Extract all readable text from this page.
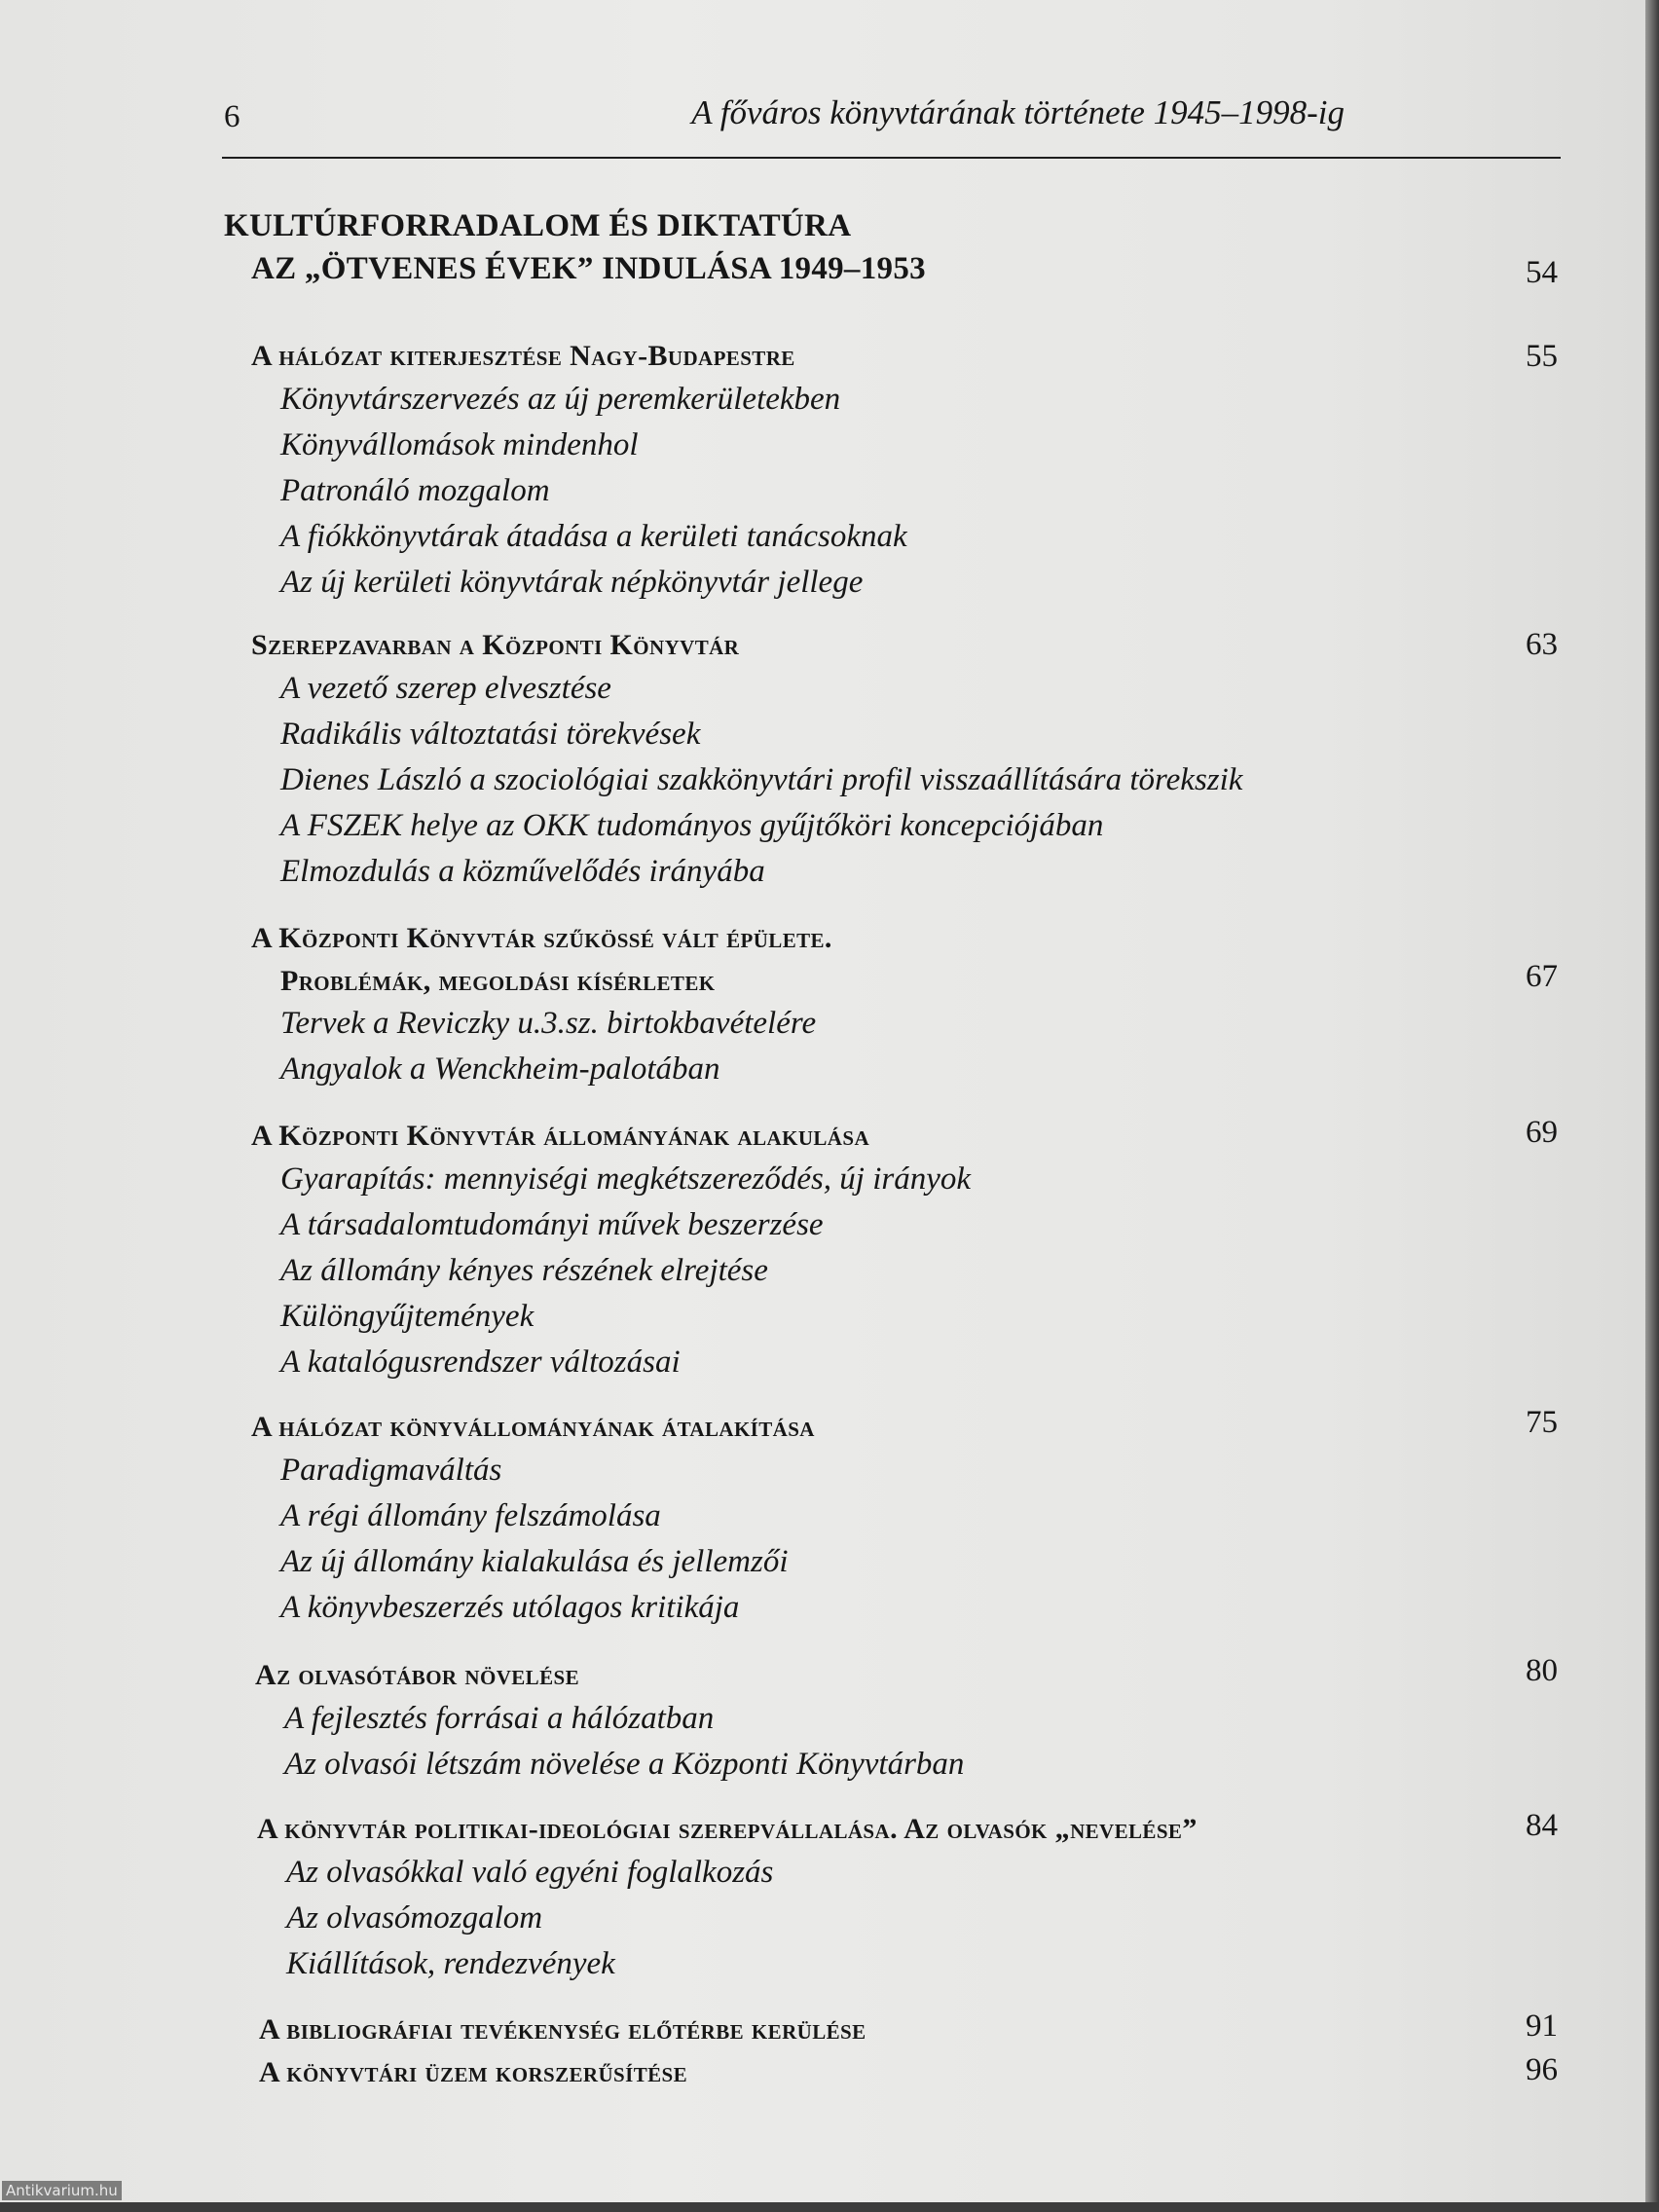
6	A főváros könyvtárának története 1945–1998-ig
KULTÚRFORRADALOM ÉS DIKTATÚRA
AZ „ÖTVENES ÉVEK” INDULÁSA 1949–1953	54
A hálózat kiterjesztése Nagy-Budapestre	55
Könyvtárszervezés az új peremkerületekben
Könyvállomások mindenhol
Patronáló mozgalom
A fiókkönyvtárak átadása a kerületi tanácsoknak
Az új kerületi könyvtárak népkönyvtár jellege
Szerepzavarban a Központi Könyvtár	63
A vezető szerep elvesztése
Radikális változtatási törekvések
Dienes László a szociológiai szakkönyvtári profil visszaállítására törekszik
A FSZEK helye az OKK tudományos gyűjtőköri koncepciójában
Elmozdulás a közművelődés irányába
A Központi Könyvtár szűkössé vált épülete.
Problémák, megoldási kísérletek	67
Tervek a Reviczky u.3.sz. birtokbavételére
Angyalok a Wenckheim-palotában
A Központi Könyvtár állományának alakulása	69
Gyarapítás: mennyiségi megkétszereződés, új irányok
A társadalomtudományi művek beszerzése
Az állomány kényes részének elrejtése
Különgyűjtemények
A katalógusrendszer változásai
A hálózat könyvállományának átalakítása	75
Paradigmaváltás
A régi állomány felszámolása
Az új állomány kialakulása és jellemzői
A könyvbeszerzés utólagos kritikája
Az olvasótábor növelése	80
A fejlesztés forrásai a hálózatban
Az olvasói létszám növelése a Központi Könyvtárban
A könyvtár politikai-ideológiai szerepvállalása. Az olvasók „nevelése”	84
Az olvasókkal való egyéni foglalkozás
Az olvasómozgalom
Kiállítások, rendezvények
A bibliográfiai tevékenység előtérbe kerülése	91
A könyvtári üzem korszerűsítése	96
Antikvarium.hu
